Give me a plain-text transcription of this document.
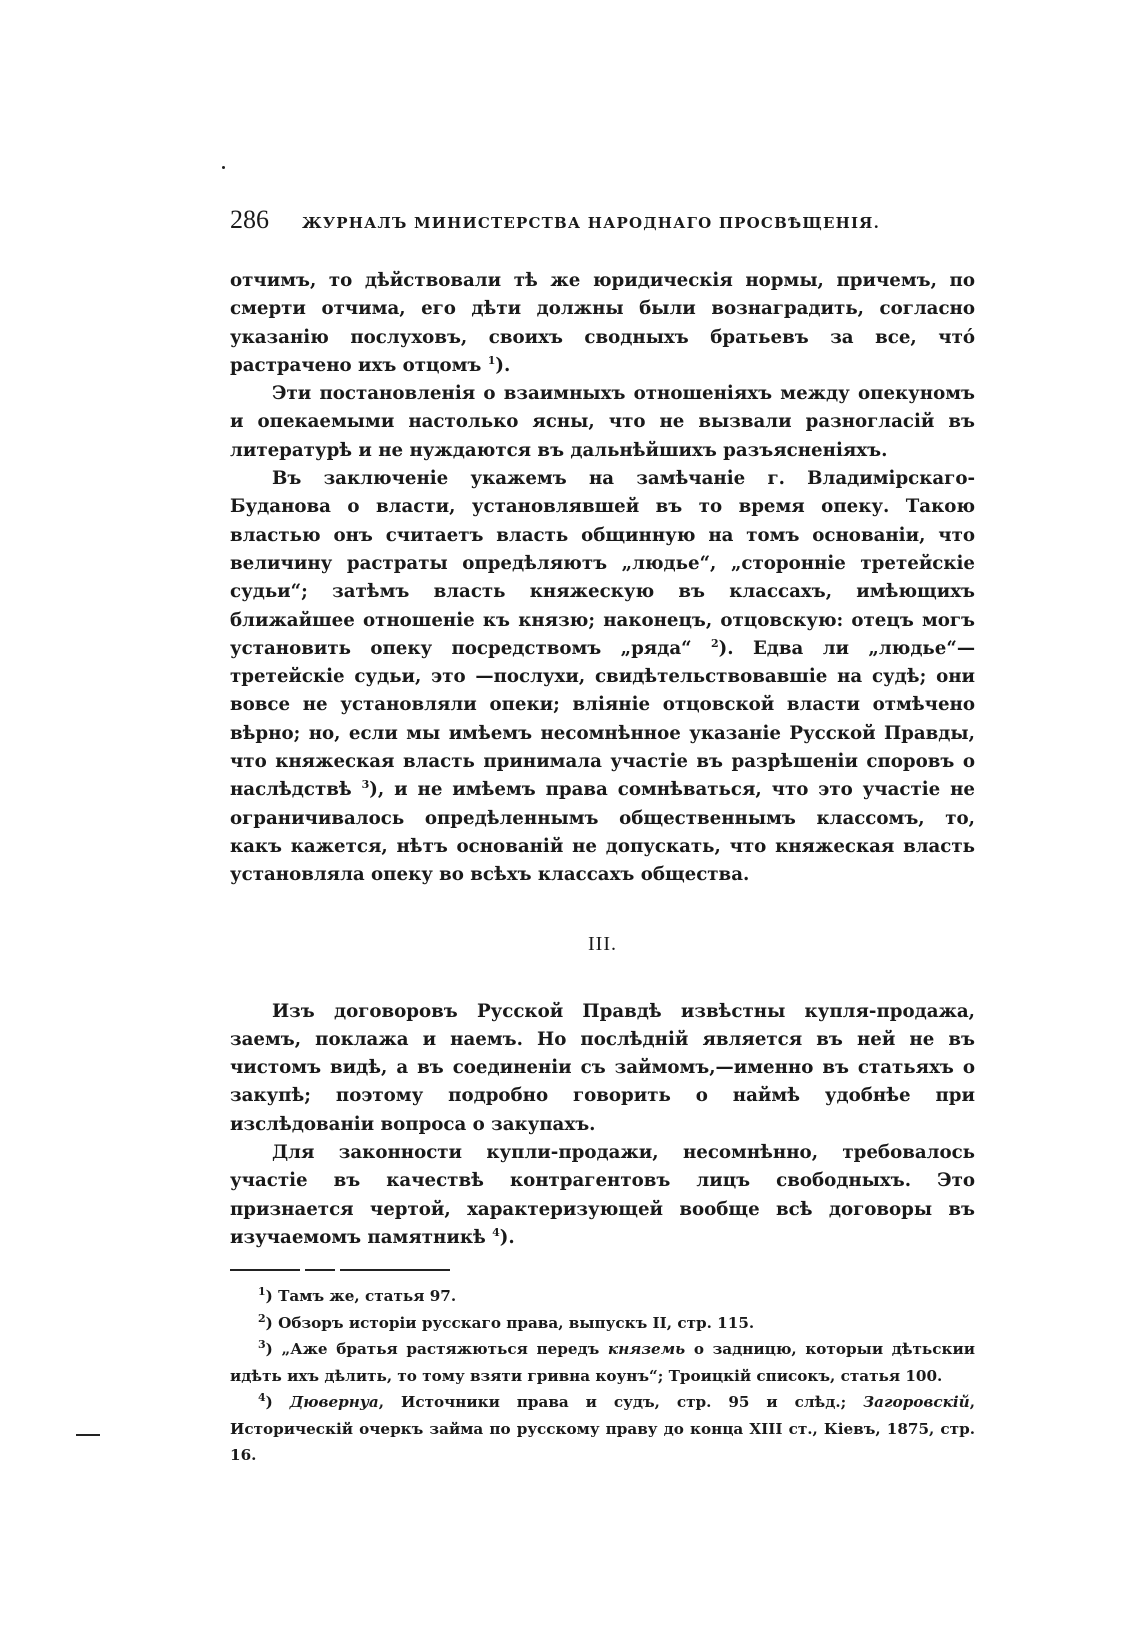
286	ЖУРНАЛЪ МИНИСТЕРСТВА НАРОДНАГО ПРОСВѢЩЕНІЯ.

отчимъ, то дѣйствовали тѣ же юридическія нормы, причемъ, по смерти отчима, его дѣти должны были вознаградить, согласно указанію послуховъ, своихъ сводныхъ братьевъ за все, чтó растрачено ихъ отцомъ $^1$).

Эти постановленія о взаимныхъ отношеніяхъ между опекуномъ и опекаемыми настолько ясны, что не вызвали разногласій въ литературѣ и не нуждаются въ дальнѣйшихъ разъясненіяхъ.

Въ заключеніе укажемъ на замѣчаніе г. Владимірскаго-Буданова о власти, установлявшей въ то время опеку. Такою властью онъ считаетъ власть общинную на томъ основаніи, что величину растраты опредѣляютъ „людье“, „сторонніе третейскіе судьи“; затѣмъ власть княжескую въ классахъ, имѣющихъ ближайшее отношеніе къ князю; наконецъ, отцовскую: отецъ могъ установить опеку посредствомъ „ряда“ $^2$). Едва ли „людье“—третейскіе судьи, это —послухи, свидѣтельствовавшіе на судѣ; они вовсе не установляли опеки; вліяніе отцовской власти отмѣчено вѣрно; но, если мы имѣемъ несомнѣнное указаніе Русской Правды, что княжеская власть принимала участіе въ разрѣшеніи споровъ о наслѣдствѣ $^3$), и не имѣемъ права сомнѣваться, что это участіе не ограничивалось опредѣленнымъ общественнымъ классомъ, то, какъ кажется, нѣтъ основаній не допускать, что княжеская власть установляла опеку во всѣхъ классахъ общества.

III.

Изъ договоровъ Русской Правдѣ извѣстны купля-продажа, заемъ, поклажа и наемъ. Но послѣдній является въ ней не въ чистомъ видѣ, а въ соединеніи съ займомъ,—именно въ статьяхъ о закупѣ; поэтому подробно говорить о наймѣ удобнѣе при изслѣдованіи вопроса о закупахъ.

Для законности купли-продажи, несомнѣнно, требовалось участіе въ качествѣ контрагентовъ лицъ свободныхъ. Это признается чертой, характеризующей вообще всѣ договоры въ изучаемомъ памятникѣ $^4$).

$^1$) Тамъ же, статья 97.

$^2$) Обзоръ исторіи русскаго права, выпускъ II, стр. 115.

$^3$) „Аже братья растяжються передъ княземь о задницю, которыи дѣтьскии идѣть ихъ дѣлить, то тому взяти гривна коунъ“; Троицкій списокъ, статья 100.

$^4$) Дювернуа, Источники права и судъ, стр. 95 и слѣд.; Загоровскій, Историческій очеркъ займа по русскому праву до конца XIII ст., Кіевъ, 1875, стр. 16.
